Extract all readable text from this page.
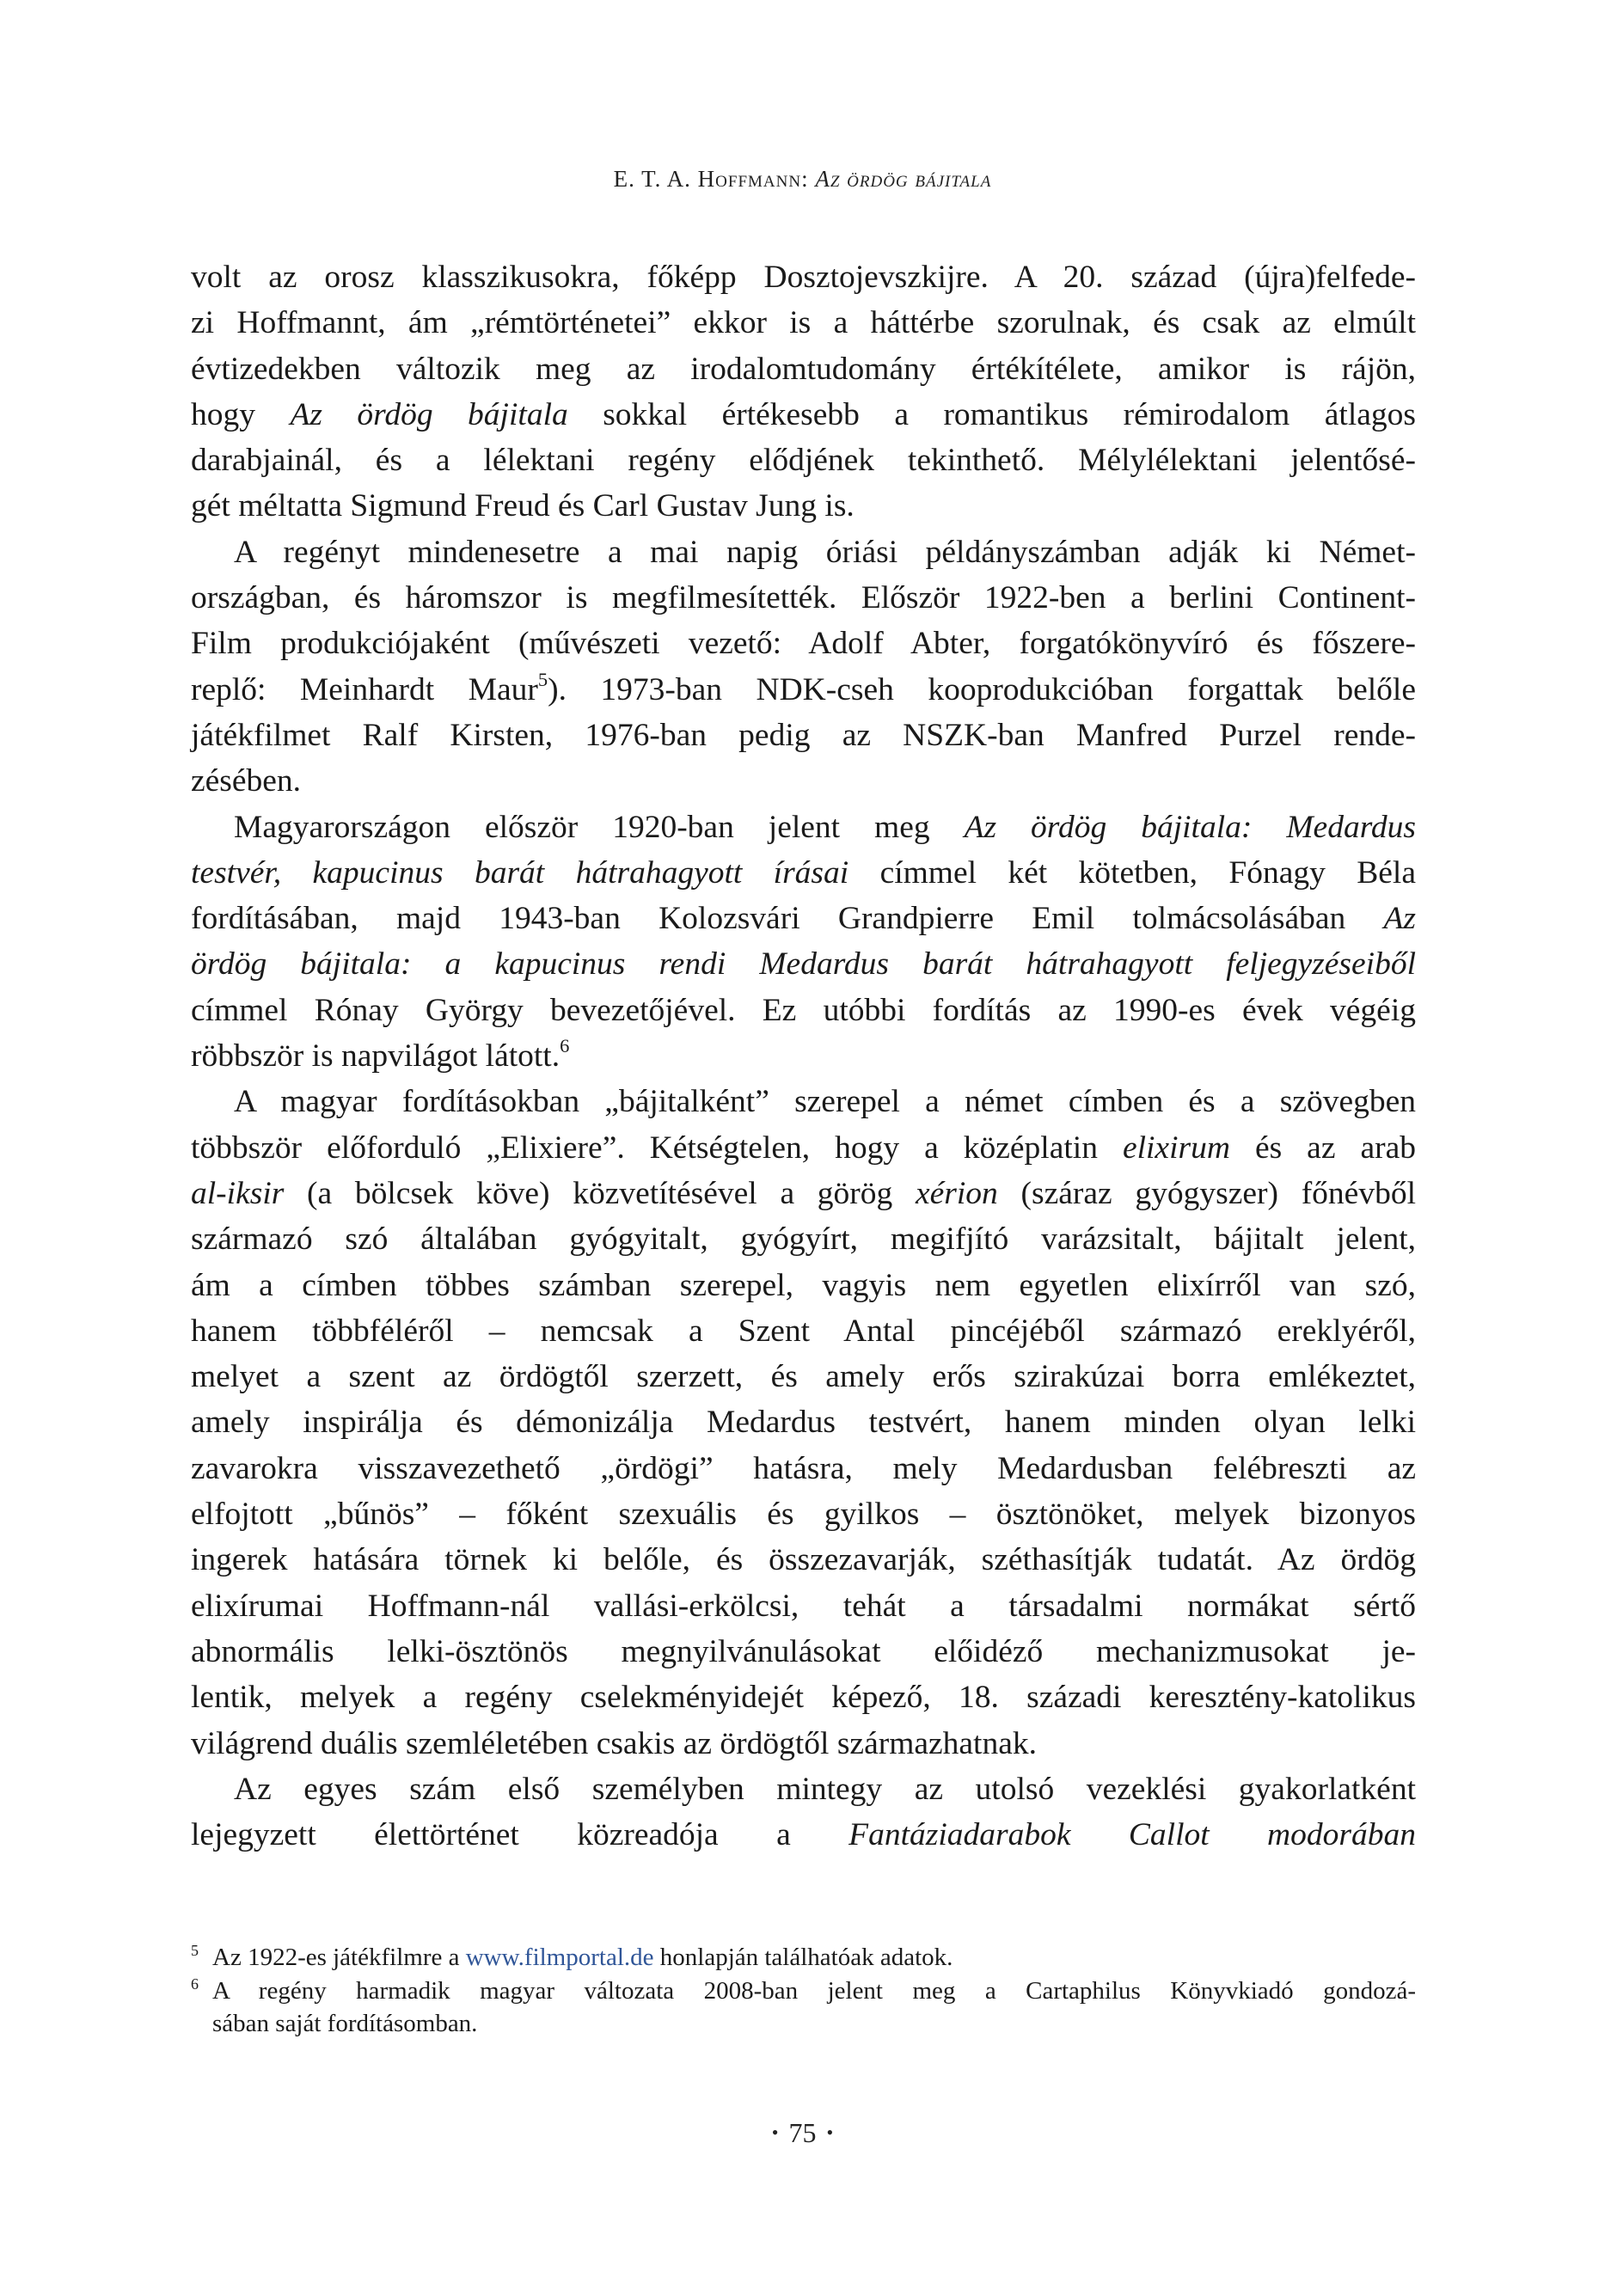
E. T. A. Hoffmann: Az ördög bájitala
volt az orosz klasszikusokra, főképp Dosztojevszkijre. A 20. század (újra)felfede-
zi Hoffmannt, ám „rémtörténetei” ekkor is a háttérbe szorulnak, és csak az elmúlt
évtizedekben változik meg az irodalomtudomány értékítélete, amikor is rájön,
hogy Az ördög bájitala sokkal értékesebb a romantikus rémirodalom átlagos
darabjainál, és a lélektani regény elődjének tekinthető. Mélylélektani jelentősé-
gét méltatta Sigmund Freud és Carl Gustav Jung is.
A regényt mindenesetre a mai napig óriási példányszámban adják ki Német-
országban, és háromszor is megfilmesítették. Először 1922-ben a berlini Continent-
Film produkciójaként (művészeti vezető: Adolf Abter, forgatókönyvíró és főszere-
replő: Meinhardt Maur$^5$). 1973-ban NDK-cseh kooprodukcióban forgattak belőle
játékfilmet Ralf Kirsten, 1976-ban pedig az NSZK-ban Manfred Purzel rende-
zésében.
Magyarországon először 1920-ban jelent meg Az ördög bájitala: Medardus
testvér, kapucinus barát hátrahagyott írásai címmel két kötetben, Fónagy Béla
fordításában, majd 1943-ban Kolozsvári Grandpierre Emil tolmácsolásában Az
ördög bájitala: a kapucinus rendi Medardus barát hátrahagyott feljegyzéseiből
címmel Rónay György bevezetőjével. Ez utóbbi fordítás az 1990-es évek végéig
röbbször is napvilágot látott.$^6$
A magyar fordításokban „bájitalként” szerepel a német címben és a szövegben
többször előforduló „Elixiere”. Kétségtelen, hogy a középlatin elixirum és az arab
al-iksir (a bölcsek köve) közvetítésével a görög xérion (száraz gyógyszer) főnévből
származó szó általában gyógyitalt, gyógyírt, megifjító varázsitalt, bájitalt jelent,
ám a címben többes számban szerepel, vagyis nem egyetlen elixírről van szó,
hanem többféléről – nemcsak a Szent Antal pincéjéből származó ereklyéről,
melyet a szent az ördögtől szerzett, és amely erős szirakúzai borra emlékeztet,
amely inspirálja és démonizálja Medardus testvért, hanem minden olyan lelki
zavarokra visszavezethető „ördögi” hatásra, mely Medardusban felébreszti az
elfojtott „bűnös” – főként szexuális és gyilkos – ösztönöket, melyek bizonyos
ingerek hatására törnek ki belőle, és összezavarják, széthasítják tudatát. Az ördög
elixírumai Hoffmann-nál vallási-erkölcsi, tehát a társadalmi normákat sértő
abnormális lelki-ösztönös megnyilvánulásokat előidéző mechanizmusokat je-
lentik, melyek a regény cselekményidejét képező, 18. századi keresztény-katolikus
világrend duális szemléletében csakis az ördögtől származhatnak.
Az egyes szám első személyben mintegy az utolsó vezeklési gyakorlatként
lejegyzett élettörténet közreadója a Fantáziadarabok Callot modorában
5 Az 1922-es játékfilmre a www.filmportal.de honlapján találhatóak adatok.
6 A regény harmadik magyar változata 2008-ban jelent meg a Cartaphilus Könyvkiadó gondozá-
sában saját fordításomban.
• 75 •
